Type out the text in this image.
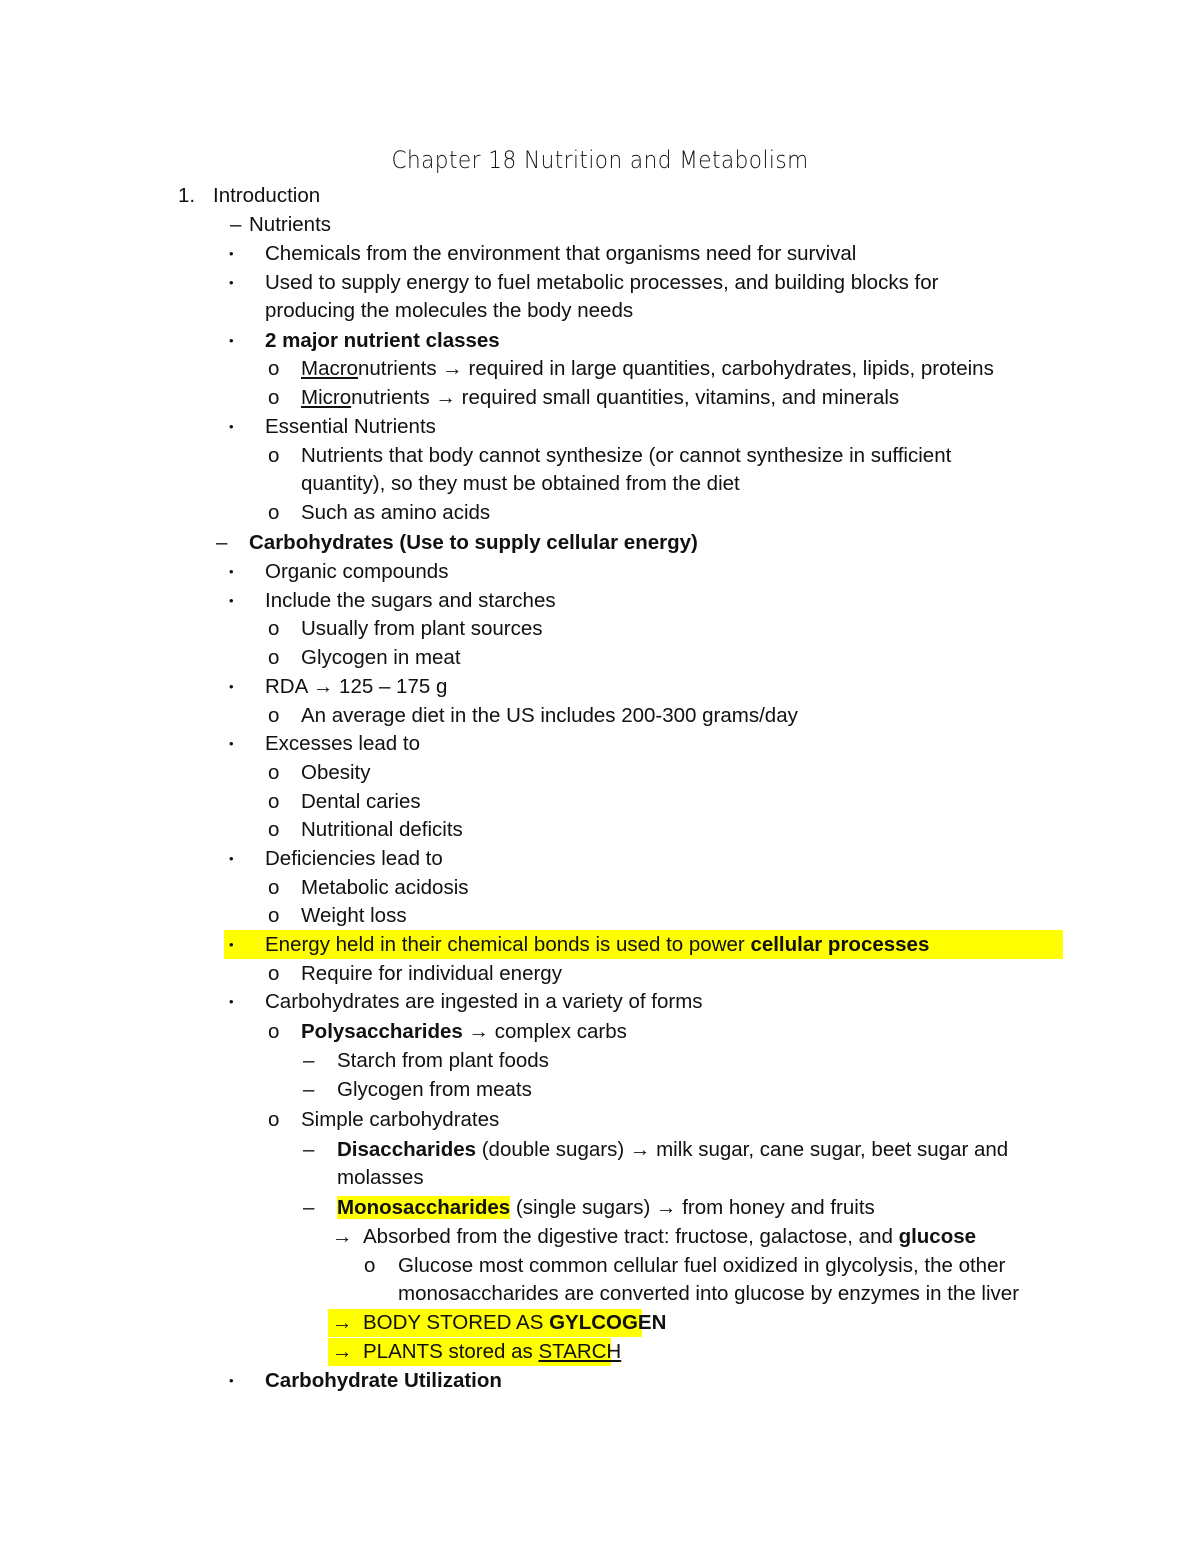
Chapter 18 Nutrition and Metabolism
1. Introduction
– Nutrients
• Chemicals from the environment that organisms need for survival
• Used to supply energy to fuel metabolic processes, and building blocks for
producing the molecules the body needs
• 2 major nutrient classes
o Macronutrients → required in large quantities, carbohydrates, lipids, proteins
o Micronutrients → required small quantities, vitamins, and minerals
• Essential Nutrients
o Nutrients that body cannot synthesize (or cannot synthesize in sufficient
quantity), so they must be obtained from the diet
o Such as amino acids
– Carbohydrates (Use to supply cellular energy)
• Organic compounds
• Include the sugars and starches
o Usually from plant sources
o Glycogen in meat
• RDA → 125 – 175 g
o An average diet in the US includes 200-300 grams/day
• Excesses lead to
o Obesity
o Dental caries
o Nutritional deficits
• Deficiencies lead to
o Metabolic acidosis
o Weight loss
• Energy held in their chemical bonds is used to power cellular processes
o Require for individual energy
• Carbohydrates are ingested in a variety of forms
o Polysaccharides → complex carbs
– Starch from plant foods
– Glycogen from meats
o Simple carbohydrates
– Disaccharides (double sugars) → milk sugar, cane sugar, beet sugar and
molasses
– Monosaccharides (single sugars) → from honey and fruits
→ Absorbed from the digestive tract: fructose, galactose, and glucose
o Glucose most common cellular fuel oxidized in glycolysis, the other
monosaccharides are converted into glucose by enzymes in the liver
→ BODY STORED AS GYLCOGEN
→ PLANTS stored as STARCH
• Carbohydrate Utilization
